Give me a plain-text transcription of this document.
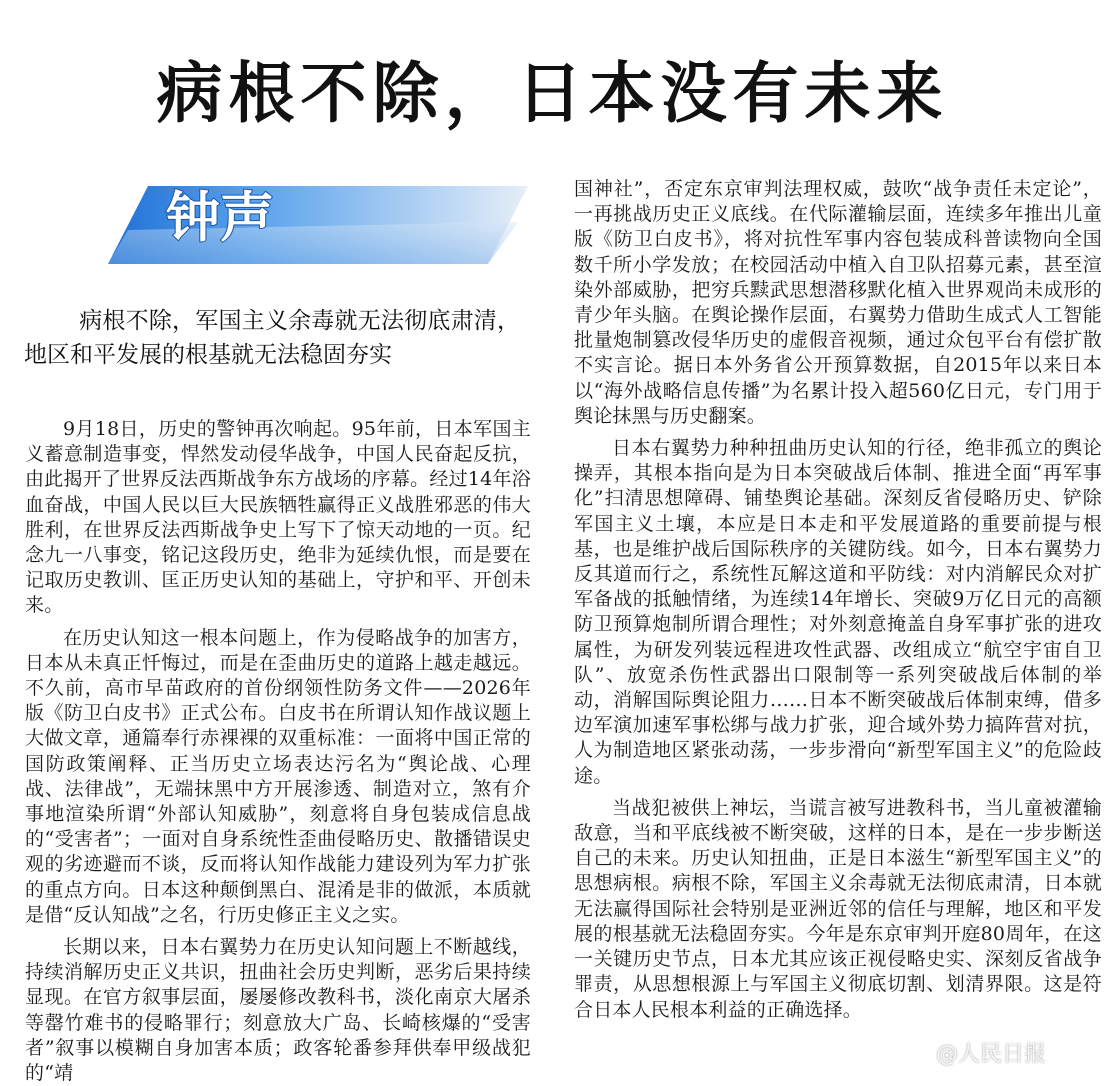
病根不除，日本没有未来
钟声
病根不除，军国主义余毒就无法彻底肃清，地区和平发展的根基就无法稳固夯实

9月18日，历史的警钟再次响起。95年前，日本军国主义蓄意制造事变，悍然发动侵华战争，中国人民奋起反抗，由此揭开了世界反法西斯战争东方战场的序幕。经过14年浴血奋战，中国人民以巨大民族牺牲赢得正义战胜邪恶的伟大胜利，在世界反法西斯战争史上写下了惊天动地的一页。纪念九一八事变，铭记这段历史，绝非为延续仇恨，而是要在记取历史教训、匡正历史认知的基础上，守护和平、开创未来。

在历史认知这一根本问题上，作为侵略战争的加害方，日本从未真正忏悔过，而是在歪曲历史的道路上越走越远。不久前，高市早苗政府的首份纲领性防务文件——2026年版《防卫白皮书》正式公布。白皮书在所谓认知作战议题上大做文章，通篇奉行赤裸裸的双重标准：一面将中国正常的国防政策阐释、正当历史立场表达污名为“舆论战、心理战、法律战”，无端抹黑中方开展渗透、制造对立，煞有介事地渲染所谓“外部认知威胁”，刻意将自身包装成信息战的“受害者”；一面对自身系统性歪曲侵略历史、散播错误史观的劣迹避而不谈，反而将认知作战能力建设列为军力扩张的重点方向。日本这种颠倒黑白、混淆是非的做派，本质就是借“反认知战”之名，行历史修正主义之实。

长期以来，日本右翼势力在历史认知问题上不断越线，持续消解历史正义共识，扭曲社会历史判断，恶劣后果持续显现。在官方叙事层面，屡屡修改教科书，淡化南京大屠杀等罄竹难书的侵略罪行；刻意放大广岛、长崎核爆的“受害者”叙事以模糊自身加害本质；政客轮番参拜供奉甲级战犯的“靖

国神社”，否定东京审判法理权威，鼓吹“战争责任未定论”，一再挑战历史正义底线。在代际灌输层面，连续多年推出儿童版《防卫白皮书》，将对抗性军事内容包装成科普读物向全国数千所小学发放；在校园活动中植入自卫队招募元素，甚至渲染外部威胁，把穷兵黩武思想潜移默化植入世界观尚未成形的青少年头脑。在舆论操作层面，右翼势力借助生成式人工智能批量炮制篡改侵华历史的虚假音视频，通过众包平台有偿扩散不实言论。据日本外务省公开预算数据，自2015年以来日本以“海外战略信息传播”为名累计投入超560亿日元，专门用于舆论抹黑与历史翻案。

日本右翼势力种种扭曲历史认知的行径，绝非孤立的舆论操弄，其根本指向是为日本突破战后体制、推进全面“再军事化”扫清思想障碍、铺垫舆论基础。深刻反省侵略历史、铲除军国主义土壤，本应是日本走和平发展道路的重要前提与根基，也是维护战后国际秩序的关键防线。如今，日本右翼势力反其道而行之，系统性瓦解这道和平防线：对内消解民众对扩军备战的抵触情绪，为连续14年增长、突破9万亿日元的高额防卫预算炮制所谓合理性；对外刻意掩盖自身军事扩张的进攻属性，为研发列装远程进攻性武器、改组成立“航空宇宙自卫队”、放宽杀伤性武器出口限制等一系列突破战后体制的举动，消解国际舆论阻力……日本不断突破战后体制束缚，借多边军演加速军事松绑与战力扩张，迎合域外势力搞阵营对抗，人为制造地区紧张动荡，一步步滑向“新型军国主义”的危险歧途。

当战犯被供上神坛，当谎言被写进教科书，当儿童被灌输敌意，当和平底线被不断突破，这样的日本，是在一步步断送自己的未来。历史认知扭曲，正是日本滋生“新型军国主义”的思想病根。病根不除，军国主义余毒就无法彻底肃清，日本就无法赢得国际社会特别是亚洲近邻的信任与理解，地区和平发展的根基就无法稳固夯实。今年是东京审判开庭80周年，在这一关键历史节点，日本尤其应该正视侵略史实、深刻反省战争罪责，从思想根源上与军国主义彻底切割、划清界限。这是符合日本人民根本利益的正确选择。

@人民日报
